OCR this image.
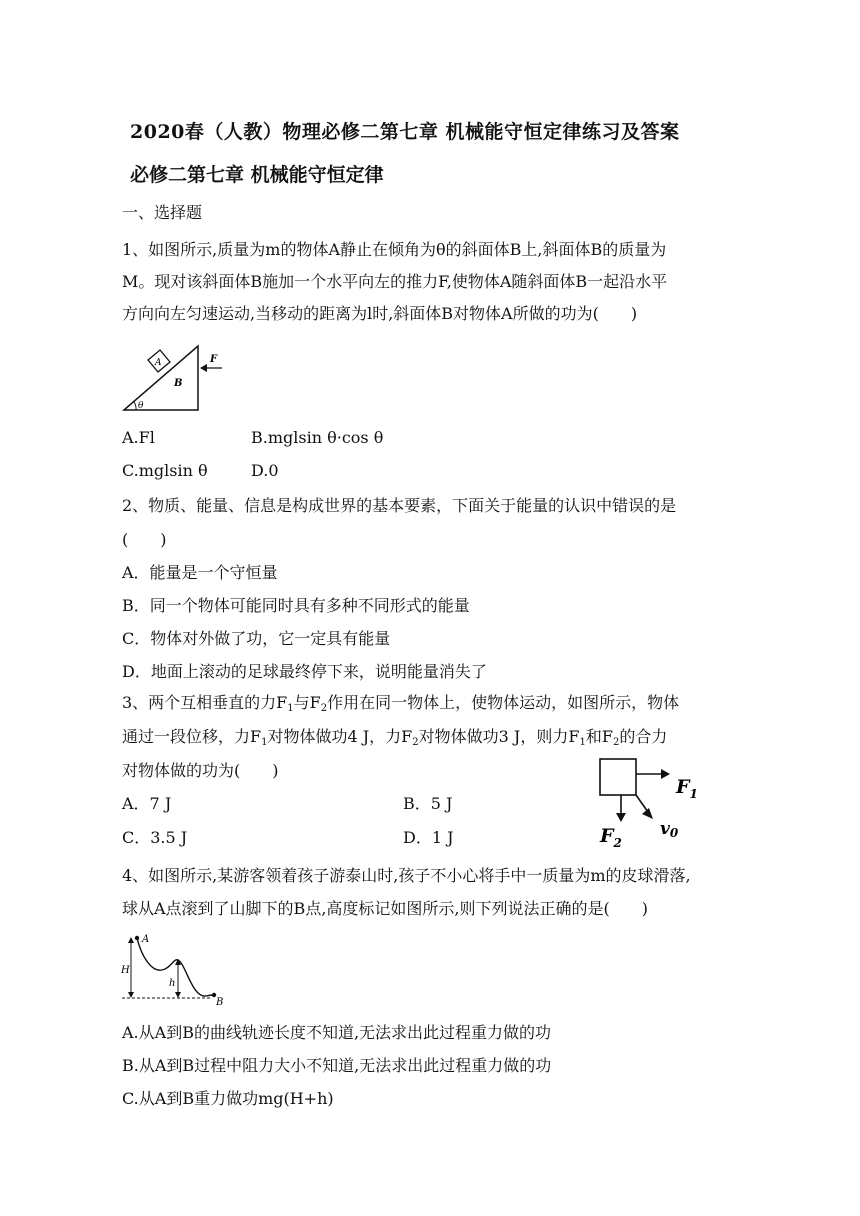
2020春（人教）物理必修二第七章 机械能守恒定律练习及答案
必修二第七章 机械能守恒定律
一、选择题
1、如图所示,质量为m的物体A静止在倾角为θ的斜面体B上,斜面体B的质量为
M。现对该斜面体B施加一个水平向左的推力F,使物体A随斜面体B一起沿水平
方向向左匀速运动,当移动的距离为l时,斜面体B对物体A所做的功为(　　)
A
B
F
θ
A.Fl	B.mglsin θ·cos θ
C.mglsin θ	D.0
2、物质、能量、信息是构成世界的基本要素，下面关于能量的认识中错误的是
(　　)
A．能量是一个守恒量
B．同一个物体可能同时具有多种不同形式的能量
C．物体对外做了功，它一定具有能量
D．地面上滚动的足球最终停下来，说明能量消失了
3、两个互相垂直的力$F_1$与$F_2$作用在同一物体上，使物体运动，如图所示，物体
通过一段位移，力$F_1$对物体做功4 J，力$F_2$对物体做功3 J，则力$F_1$和$F_2$的合力
对物体做的功为(　　)
A．7 J	B．5 J
C．3.5 J	D．1 J
$F_1$
$F_2$
v0
4、如图所示,某游客领着孩子游泰山时,孩子不小心将手中一质量为m的皮球滑落,
球从A点滚到了山脚下的B点,高度标记如图所示,则下列说法正确的是(　　)
A
B
H
h
A.从A到B的曲线轨迹长度不知道,无法求出此过程重力做的功
B.从A到B过程中阻力大小不知道,无法求出此过程重力做的功
C.从A到B重力做功mg(H+h)
